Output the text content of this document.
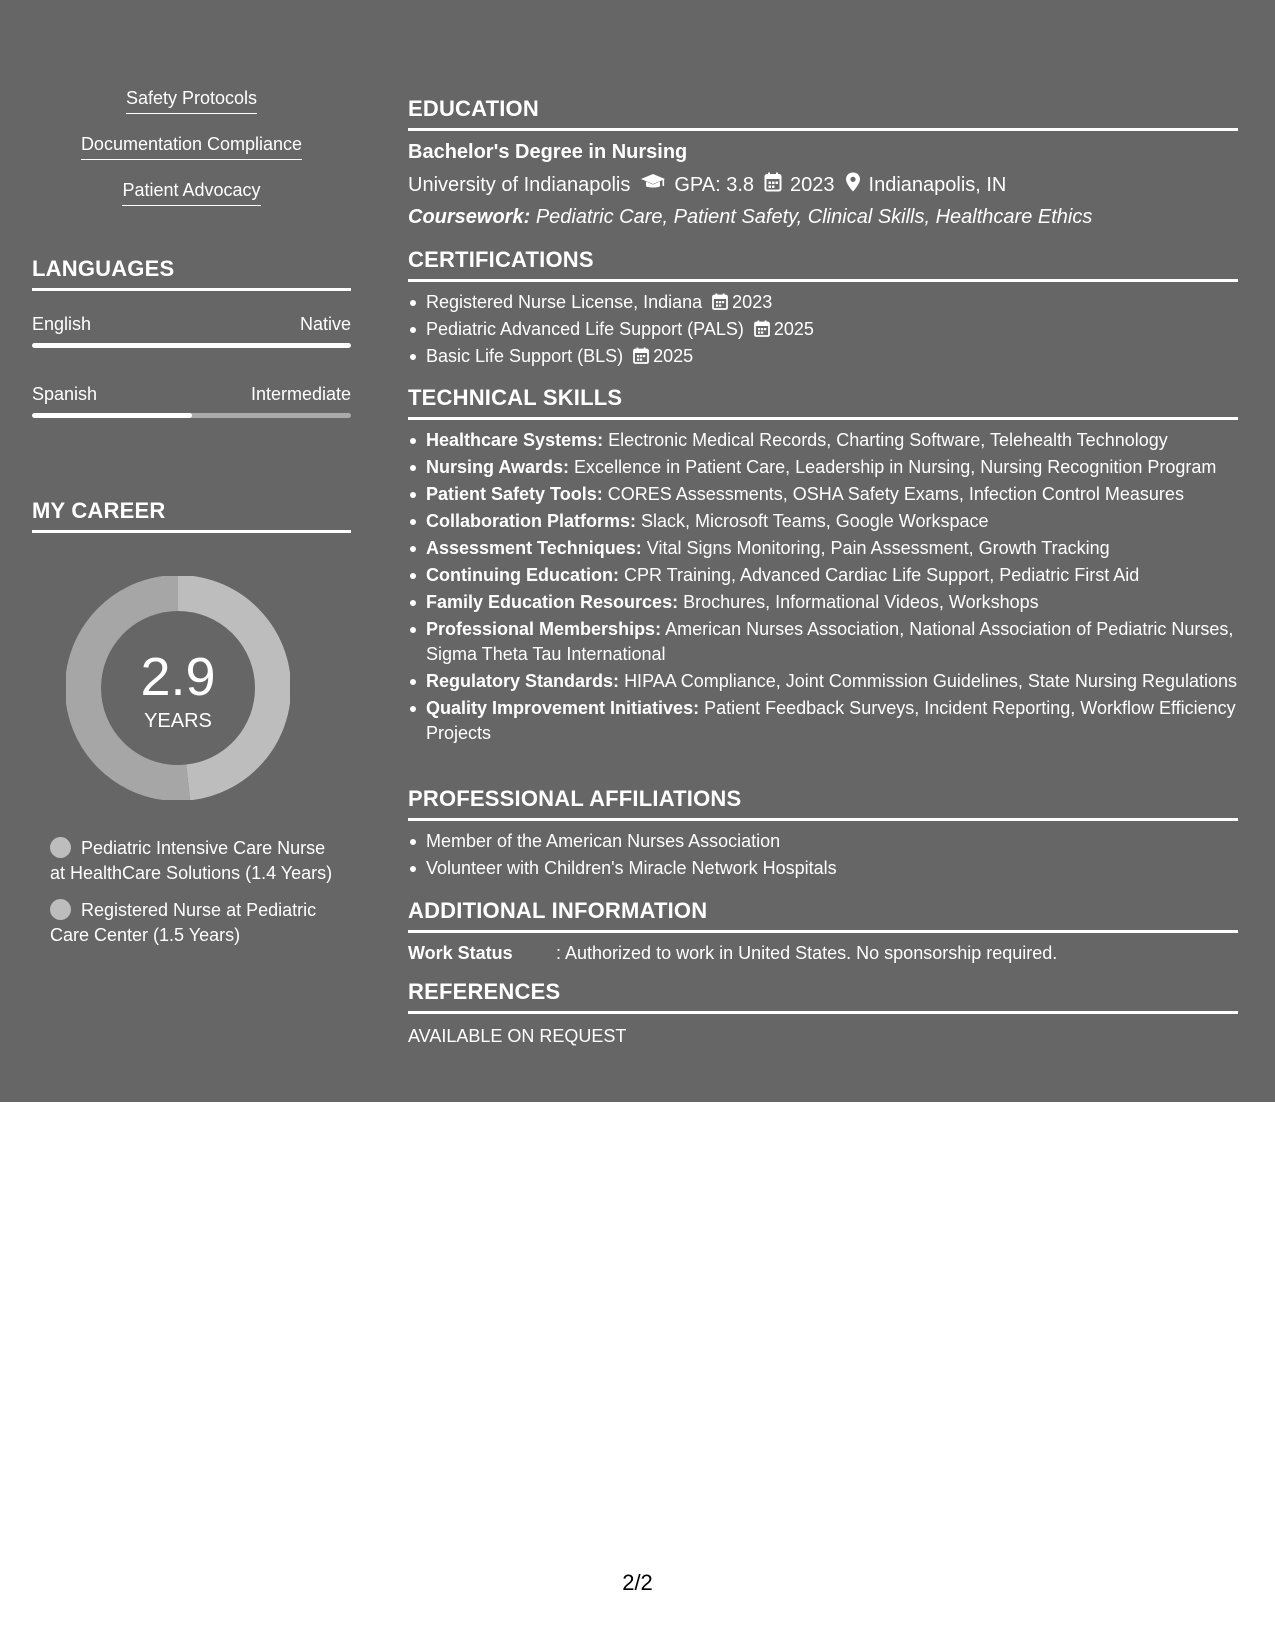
Safety Protocols
Documentation Compliance
Patient Advocacy
LANGUAGES
English	Native
Spanish	Intermediate
MY CAREER
2.9
YEARS
Pediatric Intensive Care Nurse at HealthCare Solutions (1.4 Years)
Registered Nurse at Pediatric Care Center (1.5 Years)
EDUCATION
Bachelor's Degree in Nursing
University of Indianapolis GPA: 3.8 2023 Indianapolis, IN
Coursework: Pediatric Care, Patient Safety, Clinical Skills, Healthcare Ethics
CERTIFICATIONS
Registered Nurse License, Indiana 2023
Pediatric Advanced Life Support (PALS) 2025
Basic Life Support (BLS) 2025
TECHNICAL SKILLS
Healthcare Systems: Electronic Medical Records, Charting Software, Telehealth Technology
Nursing Awards: Excellence in Patient Care, Leadership in Nursing, Nursing Recognition Program
Patient Safety Tools: CORES Assessments, OSHA Safety Exams, Infection Control Measures
Collaboration Platforms: Slack, Microsoft Teams, Google Workspace
Assessment Techniques: Vital Signs Monitoring, Pain Assessment, Growth Tracking
Continuing Education: CPR Training, Advanced Cardiac Life Support, Pediatric First Aid
Family Education Resources: Brochures, Informational Videos, Workshops
Professional Memberships: American Nurses Association, National Association of Pediatric Nurses, Sigma Theta Tau International
Regulatory Standards: HIPAA Compliance, Joint Commission Guidelines, State Nursing Regulations
Quality Improvement Initiatives: Patient Feedback Surveys, Incident Reporting, Workflow Efficiency Projects
PROFESSIONAL AFFILIATIONS
Member of the American Nurses Association
Volunteer with Children's Miracle Network Hospitals
ADDITIONAL INFORMATION
Work Status	: Authorized to work in United States. No sponsorship required.
REFERENCES
AVAILABLE ON REQUEST
2/2
